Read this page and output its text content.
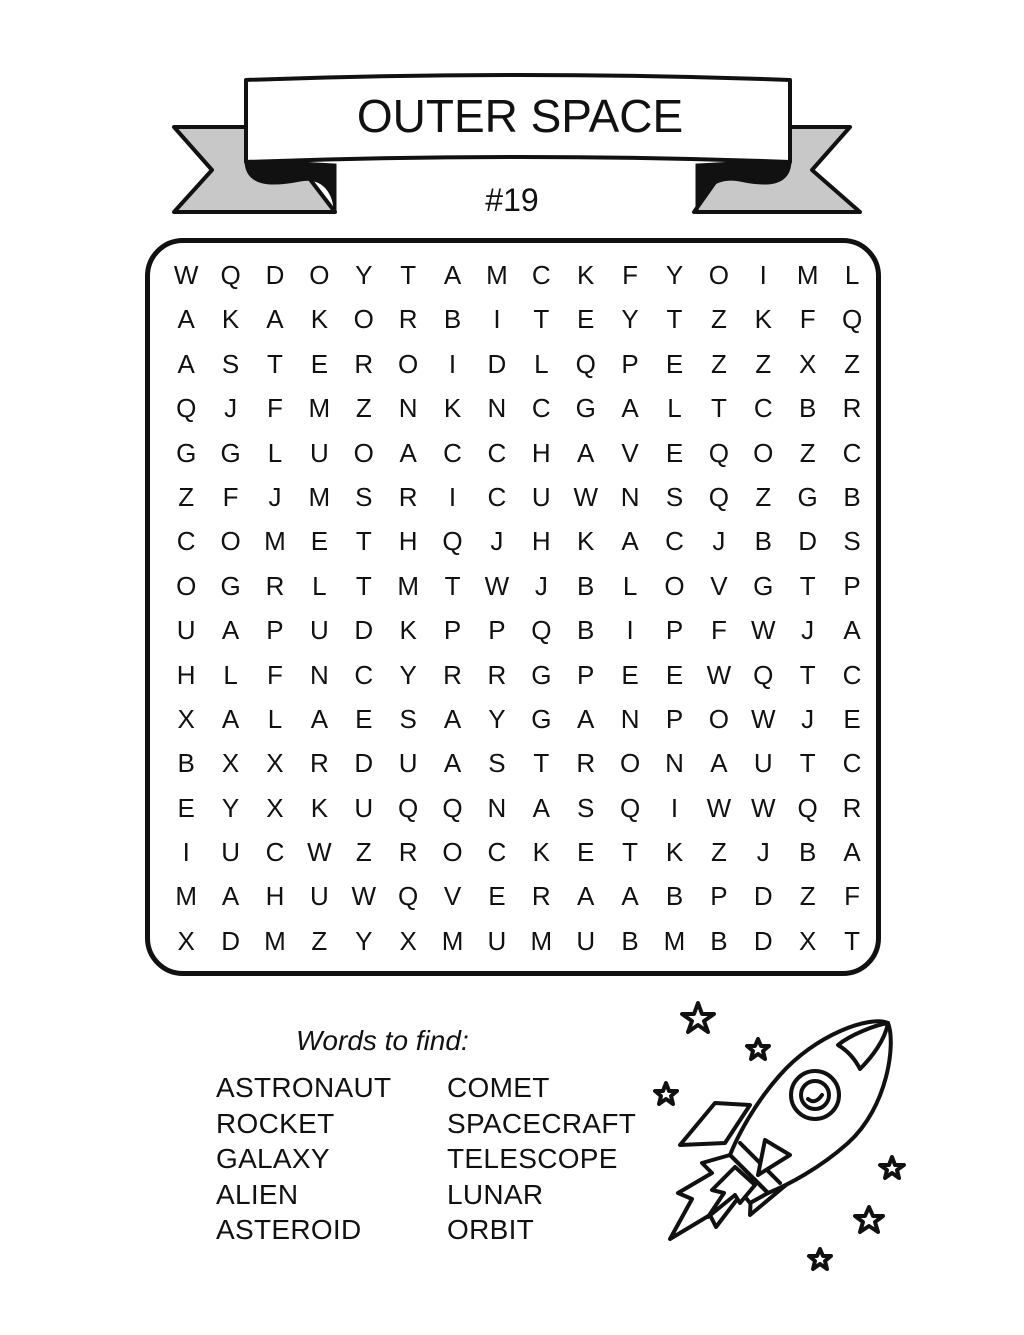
OUTER SPACE
#19
W Q D O Y	T	A M C	K	F	Y O	I	M	L
A	K	A	K O R	B	I	T	E	Y	T	Z	K	F	Q
A	S	T	E	R O	I	D	L	Q P	E	Z	Z	X	Z
Q	J	F M Z	N	K	N C G A	L	T	C	B	R
G G	L	U O A	C C H	A	V	E Q O	Z	C
Z	F	J	M S	R	I	C U W N	S Q	Z	G B
C O M E	T	H Q	J	H	K	A	C	J	B	D	S
O G R	L	T M T W J	B	L	O V G	T	P
U	A	P	U D	K	P	P Q B	I	P	F W J	A
H	L	F	N C	Y	R R G P	E	E W Q	T	C
X	A	L	A	E	S	A	Y G A	N	P O W J	E
B	X	X	R D U	A	S	T	R O N	A	U	T	C
E	Y	X	K	U Q Q N	A	S Q	I	W W Q R
I	U C W Z	R O C	K	E	T	K	Z	J	B	A
M A	H U W Q V	E	R	A	A	B	P	D	Z	F
X	D M Z	Y	X M U M U	B M B	D	X	T
Words to find:
ASTRONAUT
ROCKET
GALAXY
ALIEN
ASTEROID
COMET
SPACECRAFT
TELESCOPE
LUNAR
ORBIT
